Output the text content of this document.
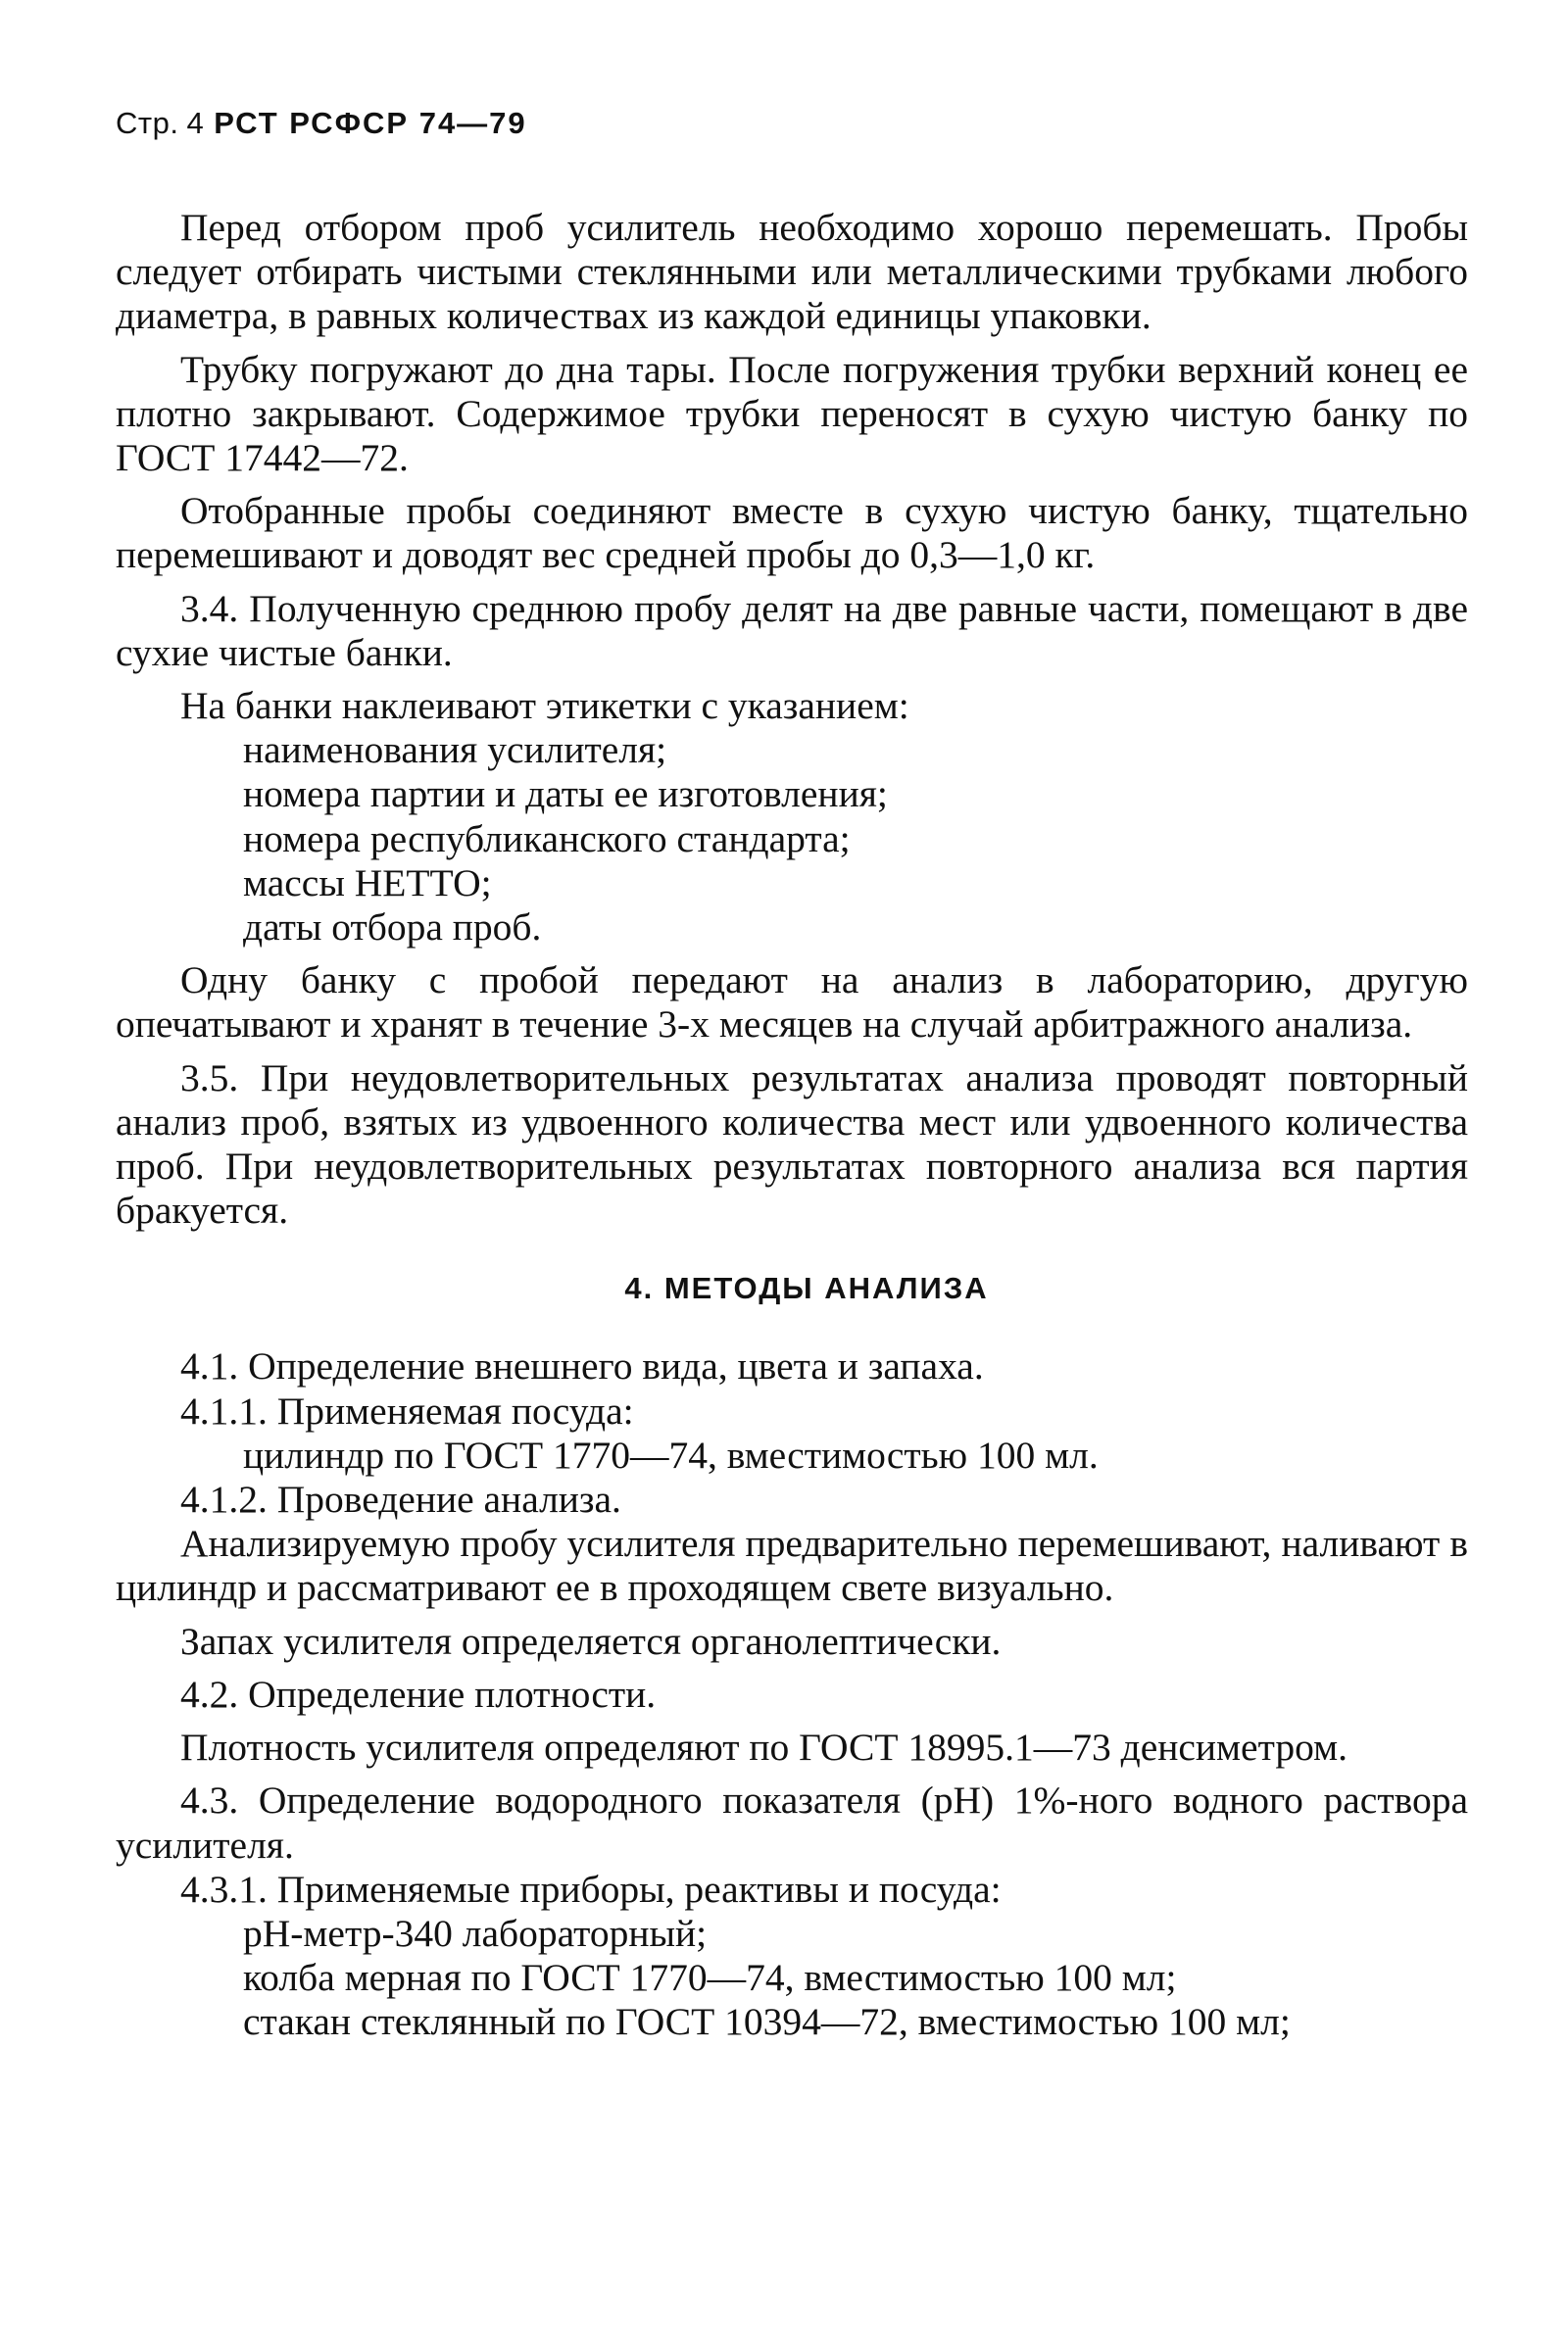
Стр. 4 РСТ РСФСР 74—79

Перед отбором проб усилитель необходимо хорошо перемешать. Пробы следует отбирать чистыми стеклянными или металлическими трубками любого диаметра, в равных количествах из каждой единицы упаковки.

Трубку погружают до дна тары. После погружения трубки верхний конец ее плотно закрывают. Содержимое трубки переносят в сухую чистую банку по ГОСТ 17442—72.

Отобранные пробы соединяют вместе в сухую чистую банку, тщательно перемешивают и доводят вес средней пробы до 0,3—1,0 кг.

3.4. Полученную среднюю пробу делят на две равные части, помещают в две сухие чистые банки.

На банки наклеивают этикетки с указанием:

наименования усилителя;

номера партии и даты ее изготовления;

номера республиканского стандарта;

массы НЕТТО;

даты отбора проб.

Одну банку с пробой передают на анализ в лабораторию, другую опечатывают и хранят в течение 3-х месяцев на случай арбитражного анализа.

3.5. При неудовлетворительных результатах анализа проводят повторный анализ проб, взятых из удвоенного количества мест или удвоенного количества проб. При неудовлетворительных результатах повторного анализа вся партия бракуется.

4. МЕТОДЫ АНАЛИЗА

4.1. Определение внешнего вида, цвета и запаха.

4.1.1. Применяемая посуда:

цилиндр по ГОСТ 1770—74, вместимостью 100 мл.

4.1.2. Проведение анализа.

Анализируемую пробу усилителя предварительно перемешивают, наливают в цилиндр и рассматривают ее в проходящем свете визуально.

Запах усилителя определяется органолептически.

4.2. Определение плотности.

Плотность усилителя определяют по ГОСТ 18995.1—73 денсиметром.

4.3. Определение водородного показателя (рН) 1%-ного водного раствора усилителя.

4.3.1. Применяемые приборы, реактивы и посуда:

рН-метр-340 лабораторный;

колба мерная по ГОСТ 1770—74, вместимостью 100 мл;

стакан стеклянный по ГОСТ 10394—72, вместимостью 100 мл;
